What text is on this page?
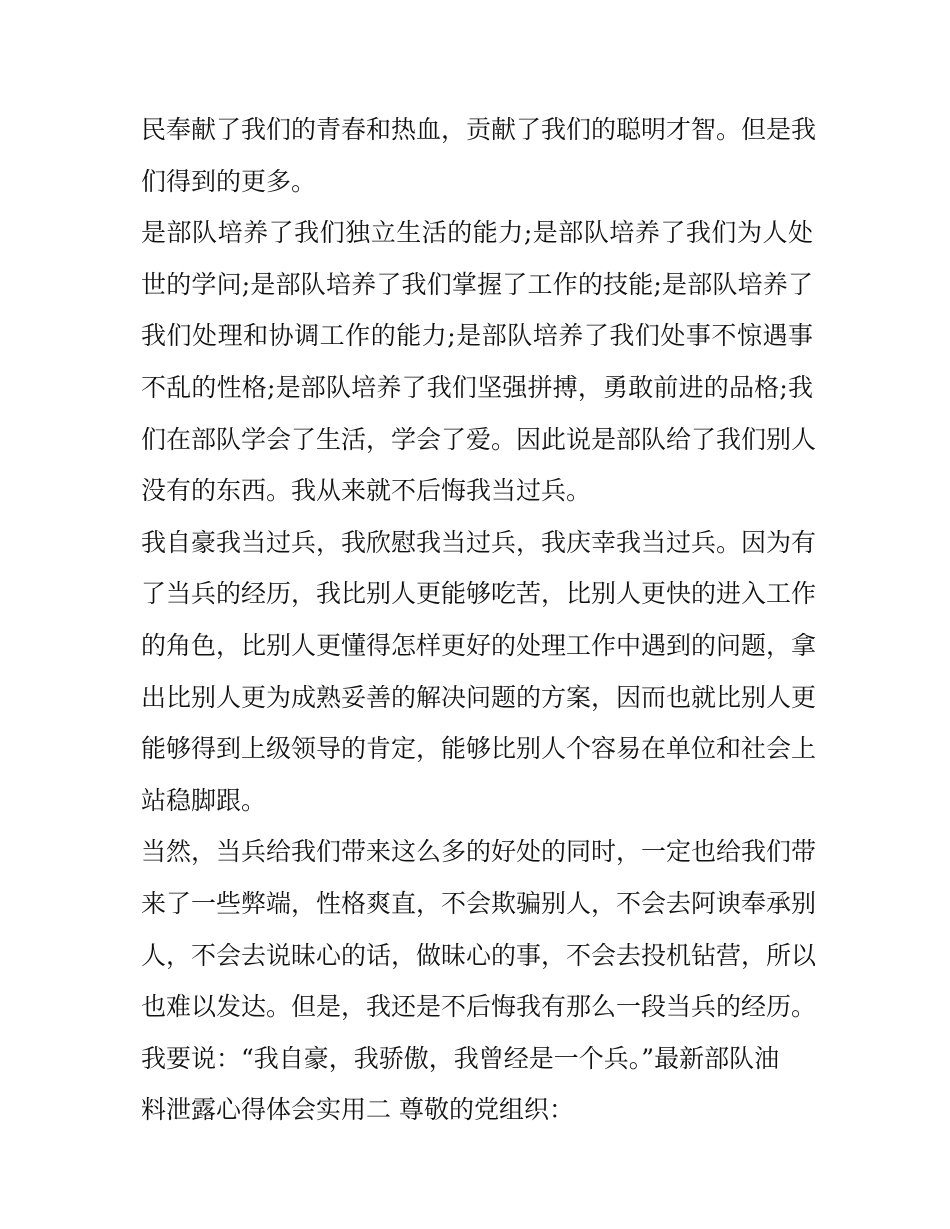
民奉献了我们的青春和热血，贡献了我们的聪明才智。但是我
们得到的更多。
是部队培养了我们独立生活的能力;是部队培养了我们为人处
世的学问;是部队培养了我们掌握了工作的技能;是部队培养了
我们处理和协调工作的能力;是部队培养了我们处事不惊遇事
不乱的性格;是部队培养了我们坚强拼搏，勇敢前进的品格;我
们在部队学会了生活，学会了爱。因此说是部队给了我们别人
没有的东西。我从来就不后悔我当过兵。
我自豪我当过兵，我欣慰我当过兵，我庆幸我当过兵。因为有
了当兵的经历，我比别人更能够吃苦，比别人更快的进入工作
的角色，比别人更懂得怎样更好的处理工作中遇到的问题，拿
出比别人更为成熟妥善的解决问题的方案，因而也就比别人更
能够得到上级领导的肯定，能够比别人个容易在单位和社会上
站稳脚跟。
当然，当兵给我们带来这么多的好处的同时，一定也给我们带
来了一些弊端，性格爽直，不会欺骗别人，不会去阿谀奉承别
人，不会去说昧心的话，做昧心的事，不会去投机钻营，所以
也难以发达。但是，我还是不后悔我有那么一段当兵的经历。
我要说：“我自豪，我骄傲，我曾经是一个兵。”最新部队油
料泄露心得体会实用二 尊敬的党组织：
